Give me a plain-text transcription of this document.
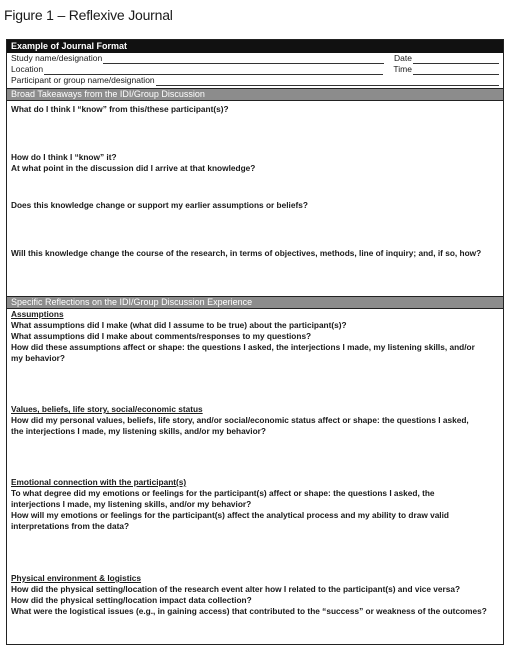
Figure 1 – Reflexive Journal
Example of Journal Format
Study name/designation	Date
Location	Time
Participant or group name/designation
Broad Takeaways from the IDI/Group Discussion
What do I think I “know” from this/these participant(s)?
How do I think I “know” it?
At what point in the discussion did I arrive at that knowledge?
Does this knowledge change or support my earlier assumptions or beliefs?
Will this knowledge change the course of the research, in terms of objectives, methods, line of inquiry; and, if so, how?
Specific Reflections on the IDI/Group Discussion Experience
Assumptions
What assumptions did I make (what did I assume to be true) about the participant(s)?
What assumptions did I make about comments/responses to my questions?
How did these assumptions affect or shape: the questions I asked, the interjections I made, my listening skills, and/or
my behavior?
Values, beliefs, life story, social/economic status
How did my personal values, beliefs, life story, and/or social/economic status affect or shape: the questions I asked,
the interjections I made, my listening skills, and/or my behavior?
Emotional connection with the participant(s)
To what degree did my emotions or feelings for the participant(s) affect or shape: the questions I asked, the
interjections I made, my listening skills, and/or my behavior?
How will my emotions or feelings for the participant(s) affect the analytical process and my ability to draw valid
interpretations from the data?
Physical environment & logistics
How did the physical setting/location of the research event alter how I related to the participant(s) and vice versa?
How did the physical setting/location impact data collection?
What were the logistical issues (e.g., in gaining access) that contributed to the “success” or weakness of the outcomes?
